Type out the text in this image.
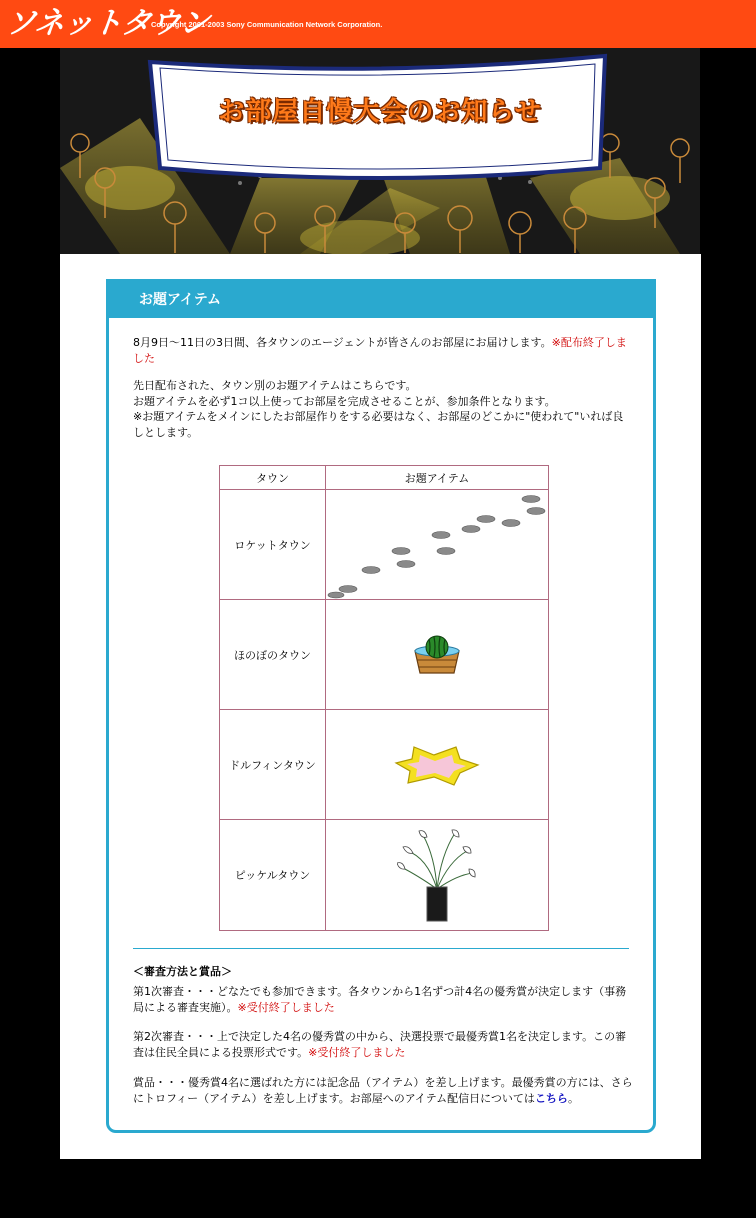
ソネットタウン
Copyright 2001-2003 Sony Communication Network Corporation.
お部屋自慢大会のお知らせ
お題アイテム
8月9日～11日の3日間、各タウンのエージェントが皆さんのお部屋にお届けします。※配布終了しました
先日配布された、タウン別のお題アイテムはこちらです。
お題アイテムを必ず1コ以上使ってお部屋を完成させることが、参加条件となります。
※お題アイテムをメインにしたお部屋作りをする必要はなく、お部屋のどこかに"使われて"いれば良しとします。
タウン	お題アイテム
ロケットタウン
ほのぼのタウン
ドルフィンタウン
ピッケルタウン
＜審査方法と賞品＞
第1次審査・・・どなたでも参加できます。各タウンから1名ずつ計4名の優秀賞が決定します（事務局による審査実施）。※受付終了しました
第2次審査・・・上で決定した4名の優秀賞の中から、決選投票で最優秀賞1名を決定します。この審査は住民全員による投票形式です。※受付終了しました
賞品・・・優秀賞4名に選ばれた方には記念品（アイテム）を差し上げます。最優秀賞の方には、さらにトロフィー（アイテム）を差し上げます。お部屋へのアイテム配信日についてはこちら。
